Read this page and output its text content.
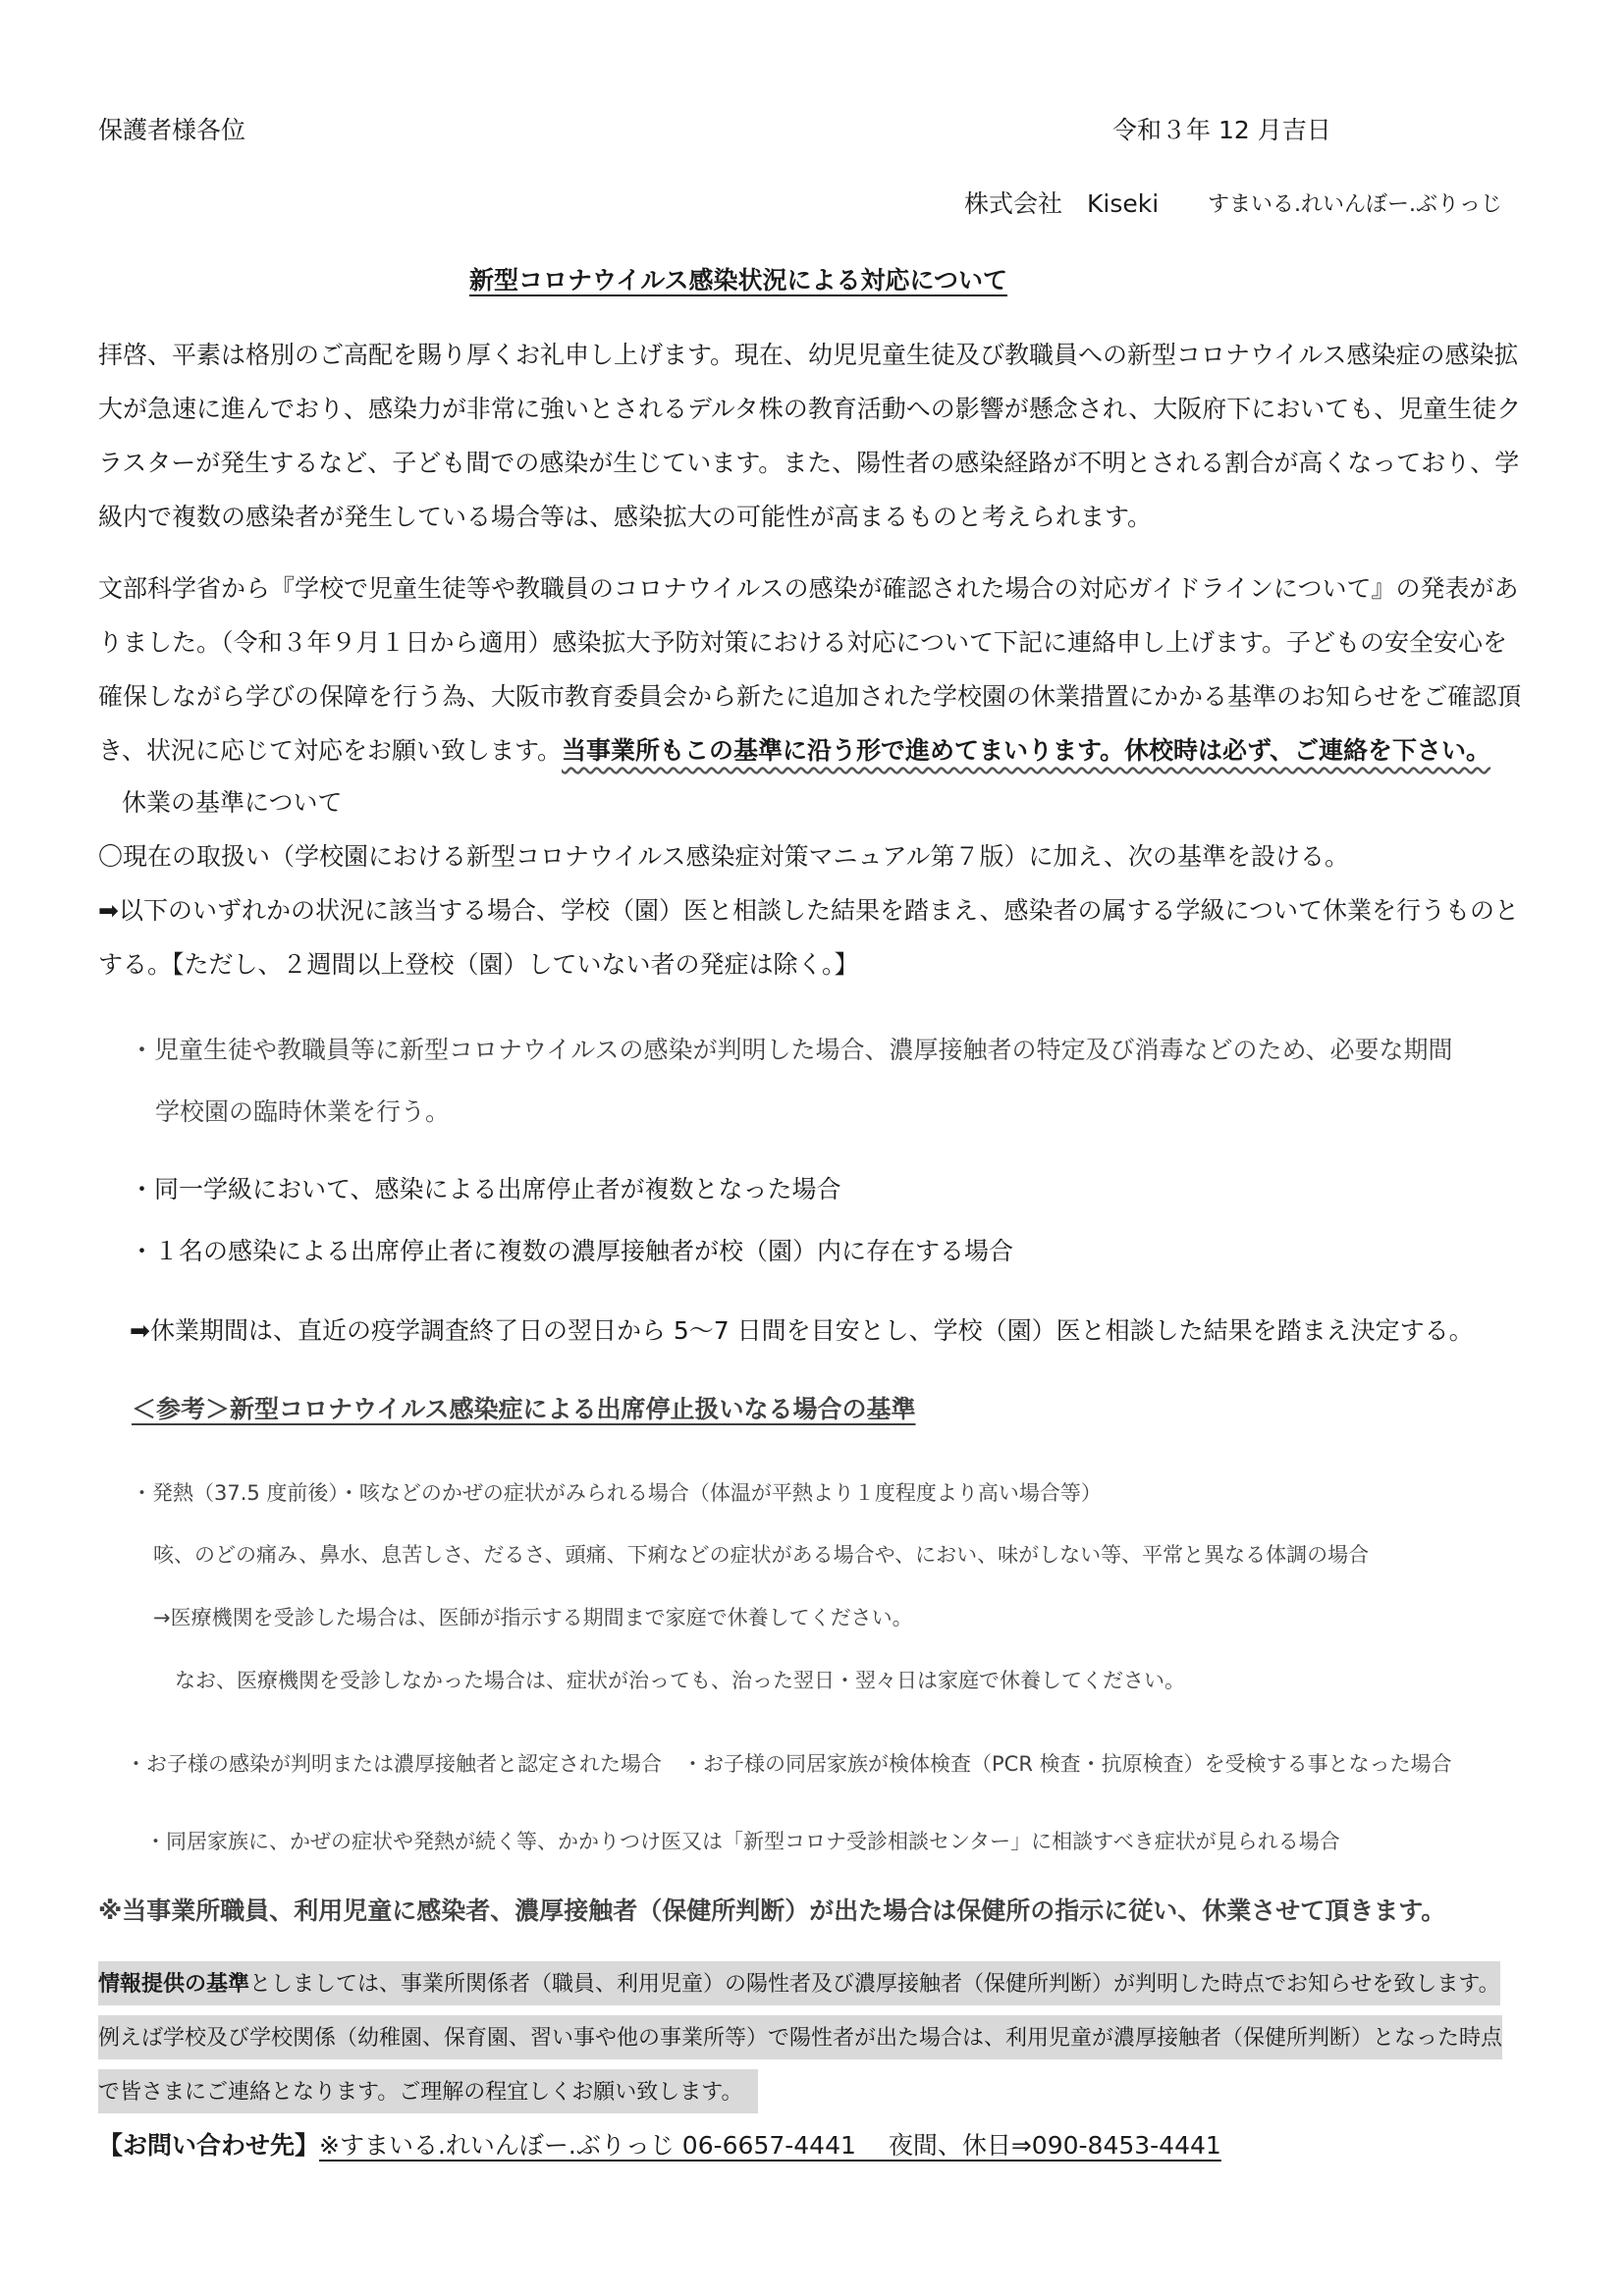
保護者様各位	令和３年 12 月吉日
株式会社　Kiseki すまいる.れいんぼー.ぶりっじ
新型コロナウイルス感染状況による対応について
拝啓、平素は格別のご高配を賜り厚くお礼申し上げます。現在、幼児児童生徒及び教職員への新型コロナウイルス感染症の感染拡
大が急速に進んでおり、感染力が非常に強いとされるデルタ株の教育活動への影響が懸念され、大阪府下においても、児童生徒ク
ラスターが発生するなど、子ども間での感染が生じています。また、陽性者の感染経路が不明とされる割合が高くなっており、学
級内で複数の感染者が発生している場合等は、感染拡大の可能性が高まるものと考えられます。
文部科学省から『学校で児童生徒等や教職員のコロナウイルスの感染が確認された場合の対応ガイドラインについて』の発表があ
りました。（令和３年９月１日から適用）感染拡大予防対策における対応について下記に連絡申し上げます。子どもの安全安心を
確保しながら学びの保障を行う為、大阪市教育委員会から新たに追加された学校園の休業措置にかかる基準のお知らせをご確認頂
き、状況に応じて対応をお願い致します。当事業所もこの基準に沿う形で進めてまいります。休校時は必ず、ご連絡を下さい。
休業の基準について
〇現在の取扱い（学校園における新型コロナウイルス感染症対策マニュアル第７版）に加え、次の基準を設ける。
➡以下のいずれかの状況に該当する場合、学校（園）医と相談した結果を踏まえ、感染者の属する学級について休業を行うものと
する。【ただし、２週間以上登校（園）していない者の発症は除く。】
・児童生徒や教職員等に新型コロナウイルスの感染が判明した場合、濃厚接触者の特定及び消毒などのため、必要な期間
学校園の臨時休業を行う。
・同一学級において、感染による出席停止者が複数となった場合
・１名の感染による出席停止者に複数の濃厚接触者が校（園）内に存在する場合
➡休業期間は、直近の疫学調査終了日の翌日から 5〜7 日間を目安とし、学校（園）医と相談した結果を踏まえ決定する。
＜参考＞新型コロナウイルス感染症による出席停止扱いなる場合の基準
・発熱（37.5 度前後）・咳などのかぜの症状がみられる場合（体温が平熱より１度程度より高い場合等）
咳、のどの痛み、鼻水、息苦しさ、だるさ、頭痛、下痢などの症状がある場合や、におい、味がしない等、平常と異なる体調の場合
→医療機関を受診した場合は、医師が指示する期間まで家庭で休養してください。
なお、医療機関を受診しなかった場合は、症状が治っても、治った翌日・翌々日は家庭で休養してください。
・お子様の感染が判明または濃厚接触者と認定された場合　・お子様の同居家族が検体検査（PCR 検査・抗原検査）を受検する事となった場合
・同居家族に、かぜの症状や発熱が続く等、かかりつけ医又は「新型コロナ受診相談センター」に相談すべき症状が見られる場合
※当事業所職員、利用児童に感染者、濃厚接触者（保健所判断）が出た場合は保健所の指示に従い、休業させて頂きます。
情報提供の基準としましては、事業所関係者（職員、利用児童）の陽性者及び濃厚接触者（保健所判断）が判明した時点でお知らせを致します。
例えば学校及び学校関係（幼稚園、保育園、習い事や他の事業所等）で陽性者が出た場合は、利用児童が濃厚接触者（保健所判断）となった時点
で皆さまにご連絡となります。ご理解の程宜しくお願い致します。
【お問い合わせ先】※すまいる.れいんぼー.ぶりっじ 06-6657-4441　 夜間、休日⇒090-8453-4441
